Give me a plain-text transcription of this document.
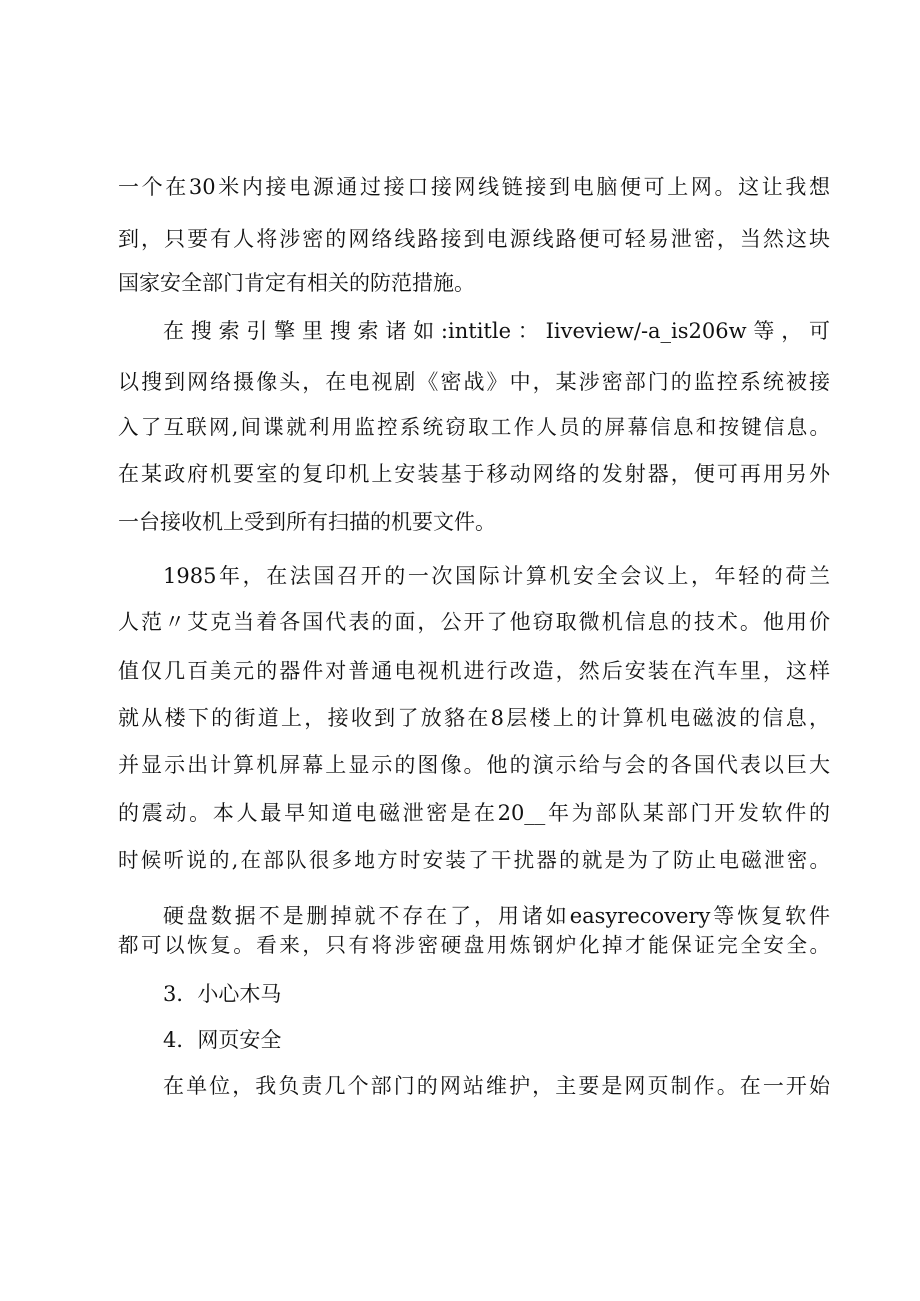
一个在30米内接电源通过接口接网线链接到电脑便可上网。这让我想
到，只要有人将涉密的网络线路接到电源线路便可轻易泄密，当然这块
国家安全部门肯定有相关的防范措施。
在搜索引擎里搜索诸如:intitle：Iiveview/-a_is206w等，可
以搜到网络摄像头，在电视剧《密战》中，某涉密部门的监控系统被接
入了互联网,间谍就利用监控系统窃取工作人员的屏幕信息和按键信息。
在某政府机要室的复印机上安装基于移动网络的发射器，便可再用另外
一台接收机上受到所有扫描的机要文件。
1985年，在法国召开的一次国际计算机安全会议上，年轻的荷兰
人范〃艾克当着各国代表的面，公开了他窃取微机信息的技术。他用价
值仅几百美元的器件对普通电视机进行改造，然后安装在汽车里，这样
就从楼下的街道上，接收到了放貉在8层楼上的计算机电磁波的信息，
并显示出计算机屏幕上显示的图像。他的演示给与会的各国代表以巨大
的震动。本人最早知道电磁泄密是在20__年为部队某部门开发软件的
时候听说的,在部队很多地方时安装了干扰器的就是为了防止电磁泄密。
硬盘数据不是删掉就不存在了，用诸如easyrecovery等恢复软件
都可以恢复。看来，只有将涉密硬盘用炼钢炉化掉才能保证完全安全。
3．小心木马
4．网页安全
在单位，我负责几个部门的网站维护，主要是网页制作。在一开始
